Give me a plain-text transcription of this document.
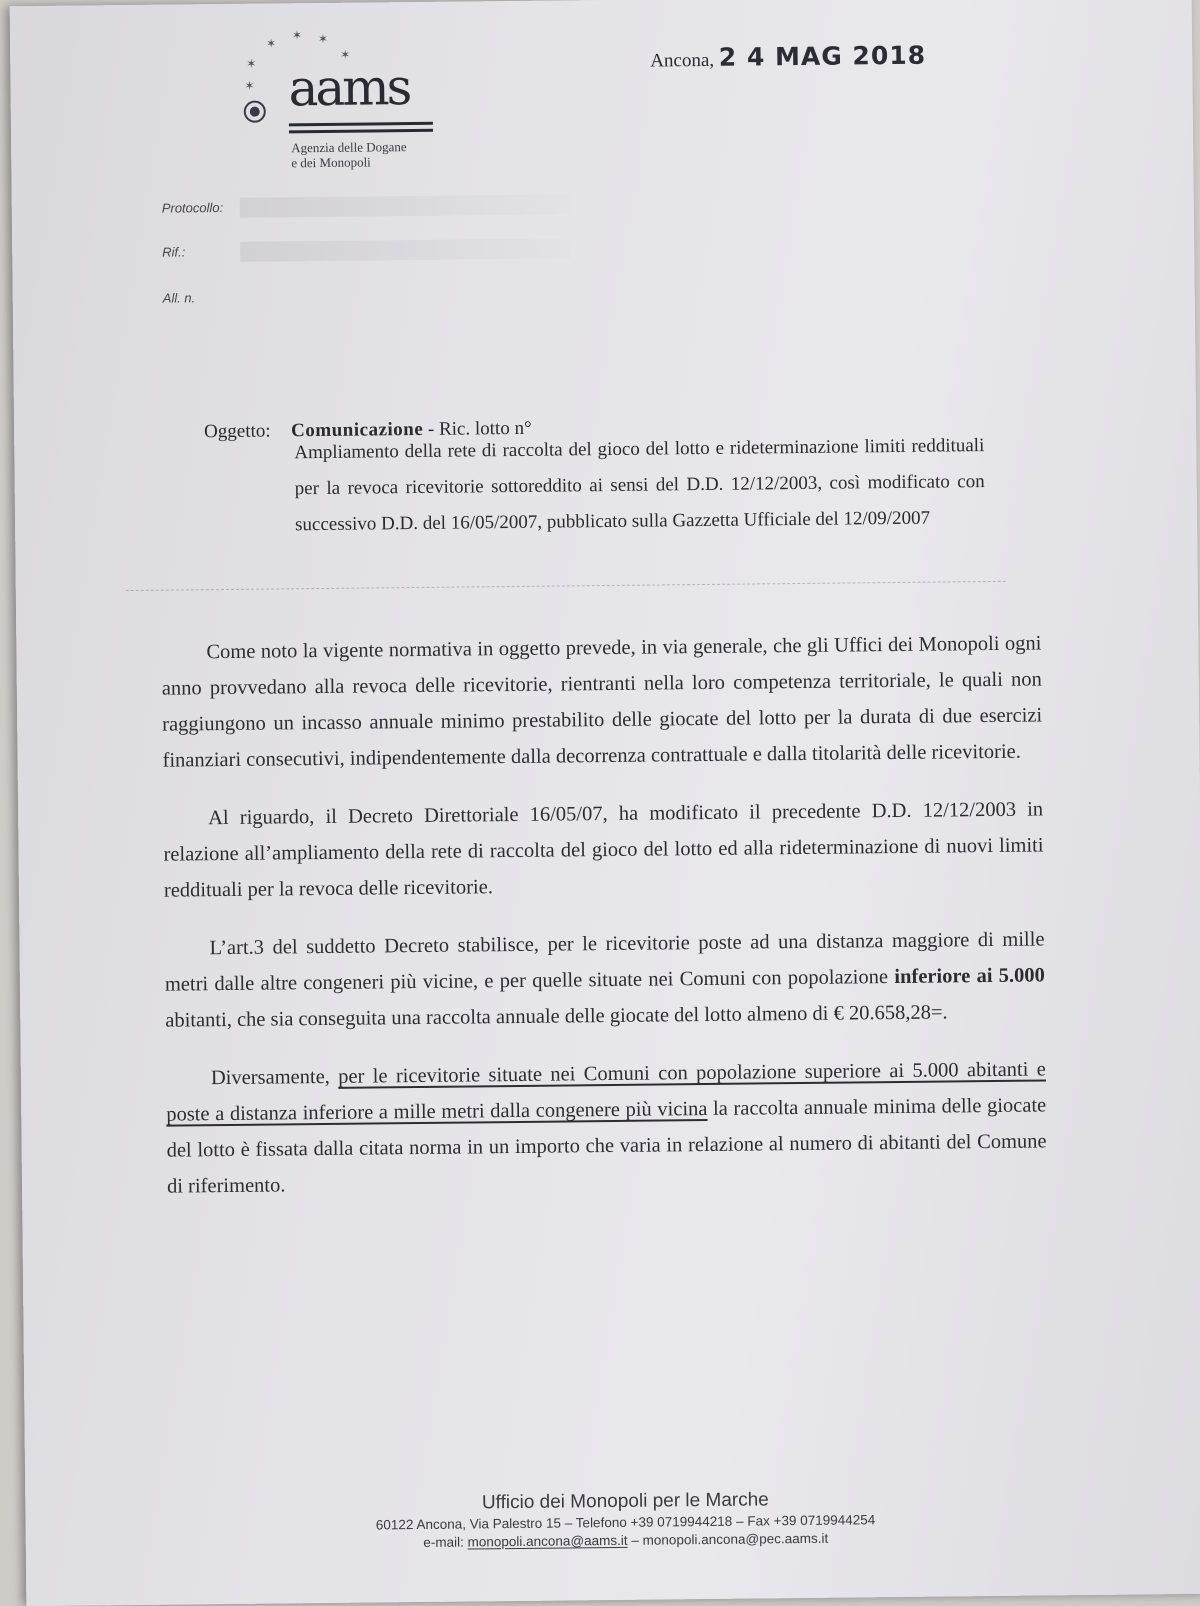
✶
✶ ✶
✶
✶
✶ aams
Agenzia delle Dogane
e dei Monopoli
Ancona, 2 4 MAG 2018
Protocollo:
Rif.:
All. n.
Oggetto: Comunicazione - Ric. lotto n°
Ampliamento della rete di raccolta del gioco del lotto e rideterminazione limiti reddituali per la revoca ricevitorie sottoreddito ai sensi del D.D. 12/12/2003, così modificato con successivo D.D. del 16/05/2007, pubblicato sulla Gazzetta Ufficiale del 12/09/2007

Come noto la vigente normativa in oggetto prevede, in via generale, che gli Uffici dei Monopoli ogni anno provvedano alla revoca delle ricevitorie, rientranti nella loro competenza territoriale, le quali non raggiungono un incasso annuale minimo prestabilito delle giocate del lotto per la durata di due esercizi finanziari consecutivi, indipendentemente dalla decorrenza contrattuale e dalla titolarità delle ricevitorie.

Al riguardo, il Decreto Direttoriale 16/05/07, ha modificato il precedente D.D. 12/12/2003 in relazione all’ampliamento della rete di raccolta del gioco del lotto ed alla rideterminazione di nuovi limiti reddituali per la revoca delle ricevitorie.

L’art.3 del suddetto Decreto stabilisce, per le ricevitorie poste ad una distanza maggiore di mille metri dalle altre congeneri più vicine, e per quelle situate nei Comuni con popolazione inferiore ai 5.000 abitanti, che sia conseguita una raccolta annuale delle giocate del lotto almeno di € 20.658,28=.

Diversamente, per le ricevitorie situate nei Comuni con popolazione superiore ai 5.000 abitanti e poste a distanza inferiore a mille metri dalla congenere più vicina la raccolta annuale minima delle giocate del lotto è fissata dalla citata norma in un importo che varia in relazione al numero di abitanti del Comune di riferimento.

Ufficio dei Monopoli per le Marche
60122 Ancona, Via Palestro 15 – Telefono +39 0719944218 – Fax +39 0719944254
e-mail: monopoli.ancona@aams.it – monopoli.ancona@pec.aams.it
